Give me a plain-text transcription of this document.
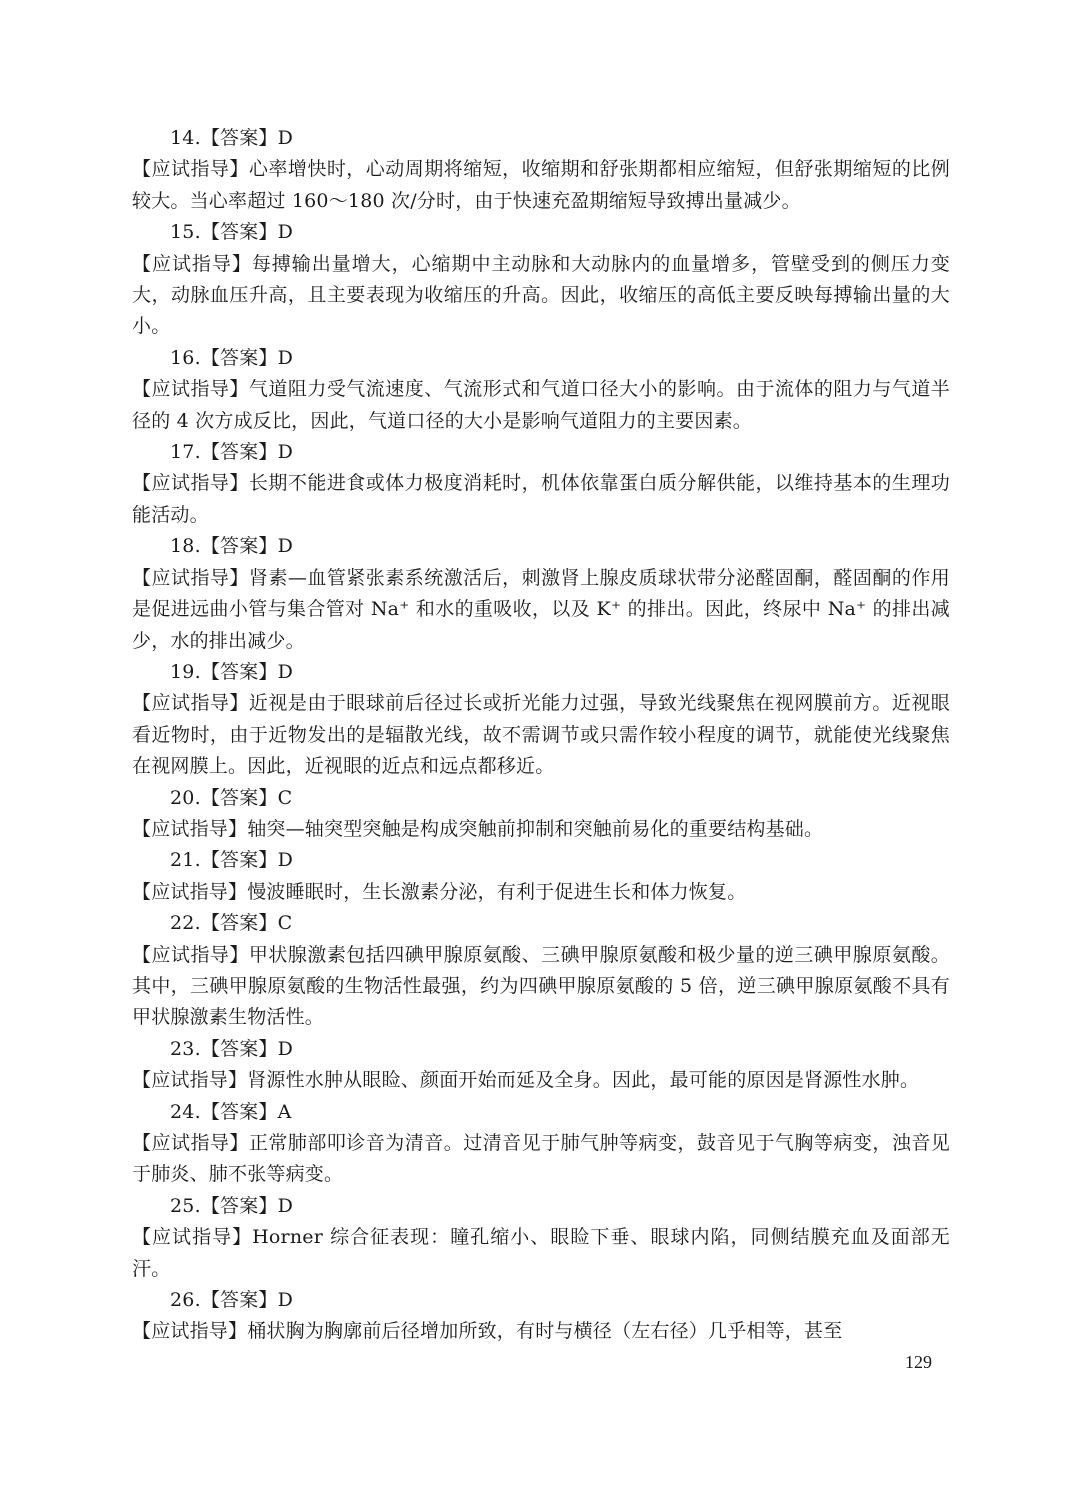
14.【答案】D

【应试指导】心率增快时，心动周期将缩短，收缩期和舒张期都相应缩短，但舒张期缩短的比例较大。当心率超过 160～180 次/分时，由于快速充盈期缩短导致搏出量减少。

15.【答案】D

【应试指导】每搏输出量增大，心缩期中主动脉和大动脉内的血量增多，管壁受到的侧压力变大，动脉血压升高，且主要表现为收缩压的升高。因此，收缩压的高低主要反映每搏输出量的大小。

16.【答案】D

【应试指导】气道阻力受气流速度、气流形式和气道口径大小的影响。由于流体的阻力与气道半径的 4 次方成反比，因此，气道口径的大小是影响气道阻力的主要因素。

17.【答案】D

【应试指导】长期不能进食或体力极度消耗时，机体依靠蛋白质分解供能，以维持基本的生理功能活动。

18.【答案】D

【应试指导】肾素—血管紧张素系统激活后，刺激肾上腺皮质球状带分泌醛固酮，醛固酮的作用是促进远曲小管与集合管对 Na⁺ 和水的重吸收，以及 K⁺ 的排出。因此，终尿中 Na⁺ 的排出减少，水的排出减少。

19.【答案】D

【应试指导】近视是由于眼球前后径过长或折光能力过强，导致光线聚焦在视网膜前方。近视眼看近物时，由于近物发出的是辐散光线，故不需调节或只需作较小程度的调节，就能使光线聚焦在视网膜上。因此，近视眼的近点和远点都移近。

20.【答案】C

【应试指导】轴突—轴突型突触是构成突触前抑制和突触前易化的重要结构基础。

21.【答案】D

【应试指导】慢波睡眠时，生长激素分泌，有利于促进生长和体力恢复。

22.【答案】C

【应试指导】甲状腺激素包括四碘甲腺原氨酸、三碘甲腺原氨酸和极少量的逆三碘甲腺原氨酸。其中，三碘甲腺原氨酸的生物活性最强，约为四碘甲腺原氨酸的 5 倍，逆三碘甲腺原氨酸不具有甲状腺激素生物活性。

23.【答案】D

【应试指导】肾源性水肿从眼睑、颜面开始而延及全身。因此，最可能的原因是肾源性水肿。

24.【答案】A

【应试指导】正常肺部叩诊音为清音。过清音见于肺气肿等病变，鼓音见于气胸等病变，浊音见于肺炎、肺不张等病变。

25.【答案】D

【应试指导】Horner 综合征表现：瞳孔缩小、眼睑下垂、眼球内陷，同侧结膜充血及面部无汗。

26.【答案】D

【应试指导】桶状胸为胸廓前后径增加所致，有时与横径（左右径）几乎相等，甚至

129
